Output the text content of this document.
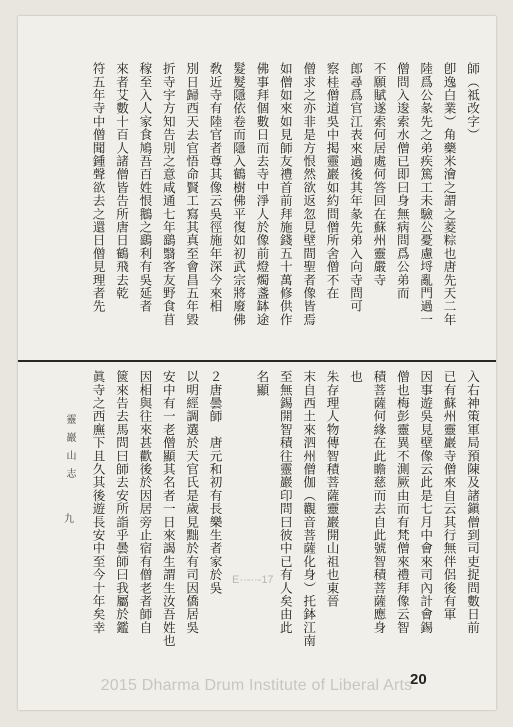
師（祗改字）
卽逸白業）角藥米澮之謂之菱粽也唐先天二年
陸爲公彖先之弟疾篤工未驗公憂慮埒亂門過一
僧問入逡索水僧已即曰身無病問爲公弟而
不願賦遂索何居處何答回在蘇州靈嚴寺
郎尋爲官江表來過後其年彖先弟入向寺問可
察桂僧道吳中掲靈巖如約問僧所舍僧不在
僧求之亦非是方恨然欲返忽見壁間聖者像皆焉
如僧如來如見師友禮首前拜施錢五十萬修供作
佛事拜個數日而去寺中淨人於像前燈燭盞缽途
髮髮隱依卷而隱入鶴樹佛平復如初武宗將廢佛
敎近寺有陸官者尊其像云吳徑施年深今來相
別日歸西天去官悟命賢工寫其真至會昌五年毀
折寺宇方知告別之意咸通七年鷂翳客友野食苜
稼至入人家食鳩吾百姓恨鵝之鷂利有吳延者
來者艾數十百人諸僧皆告所唐日鶴飛去乾
符五年寺中僧聞鍾聲欲去之還日僧見理者先
入右神策軍局預陳及諸鎭僧到司吏捉問數日前
已有蘇州靈巖寺僧來自云其行無伴侶後有軍
因事遊吳見壁像云此是七月中會來司內計會錫
僧也梅彭靈異不測厥由而有梵僧來禮拜像云智
積菩薩何緣在此瞻慈而去自此號智積菩薩應身
也
朱存理人物傳智積菩薩靈巖開山祖也東晉
末自西土來泗州僧伽（觀音菩薩化身）托鉢江南
至無錫開智積往靈巖印問曰彼中已有人矣由此
名顯
２唐曇師　唐元和初有長樂生者家於吳
以明經調選於天官氏是歲見黜於有司因僑居吳
安中有一老僧顯其名者一日來謁生謂生汝吾姓也
因相與往來甚歡後於因居旁止宿有僧老者師自
篋來告去馬問曰師去安所詣乎曇師曰我屬於鑑
眞寺之西廡下且久其後遊長安中至今十年矣幸
靈巖山志
九
E··-··-17
20
2015 Dharma Drum Institute of Liberal Arts
